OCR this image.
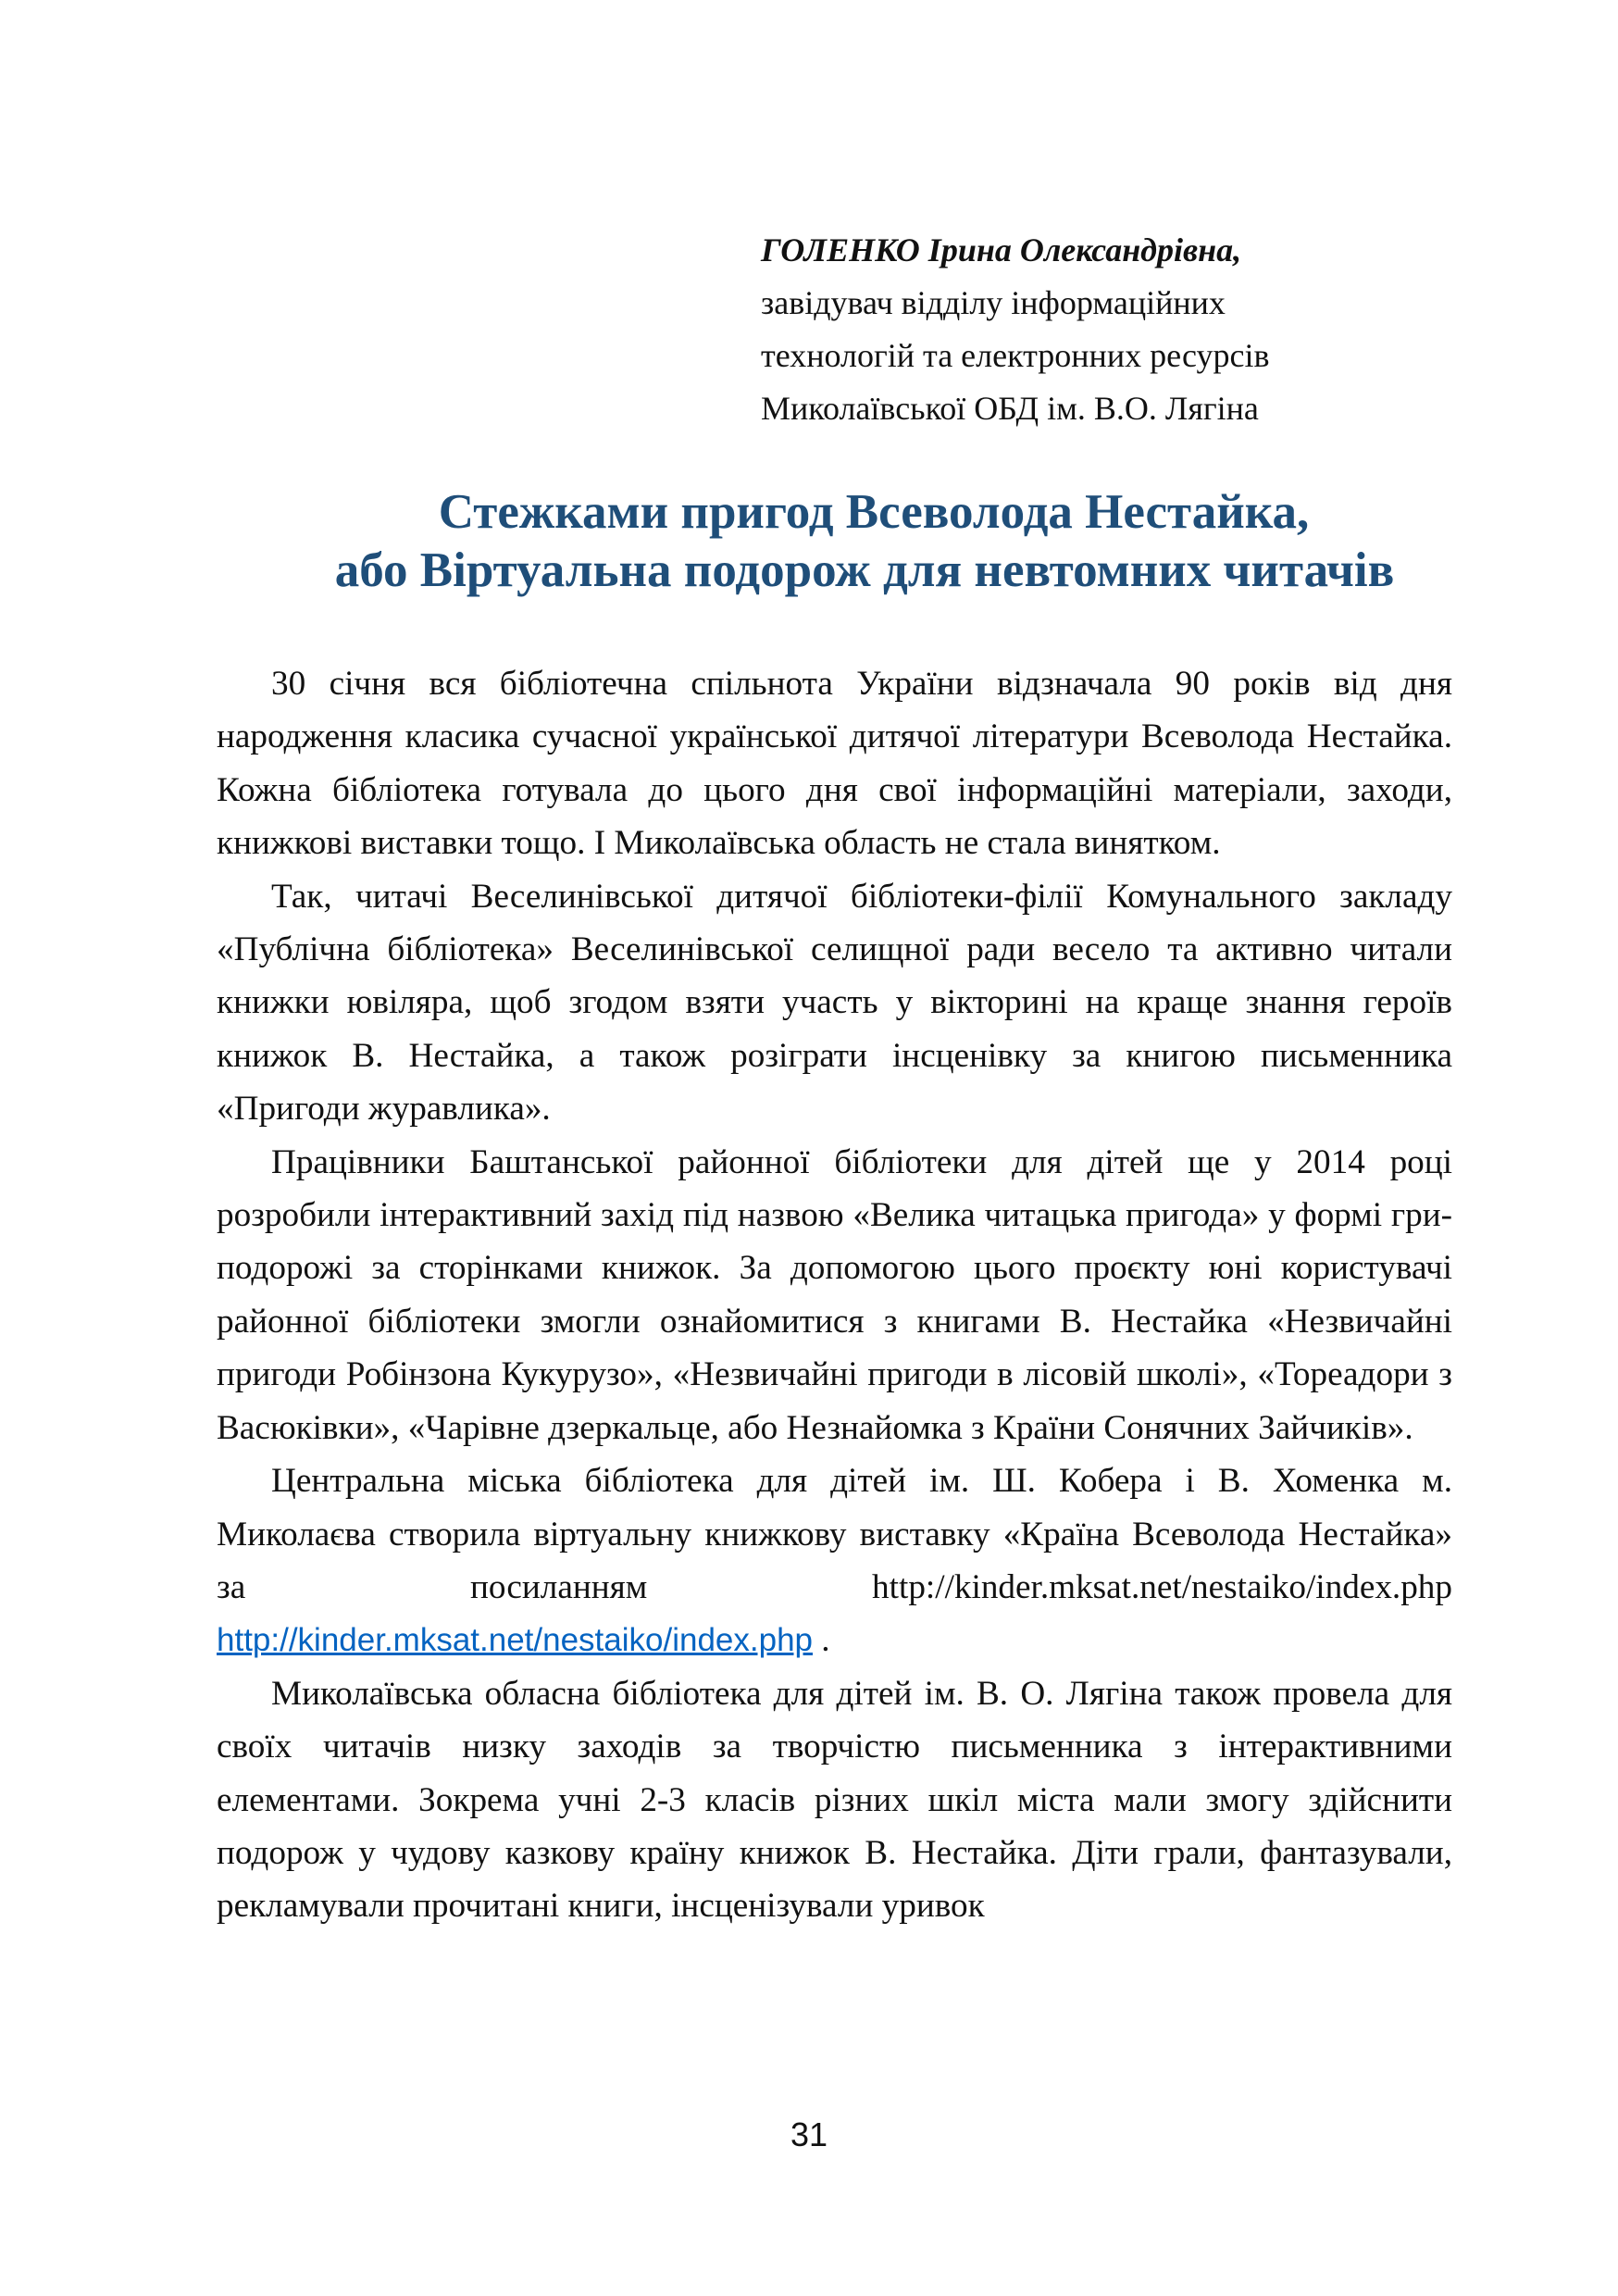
ГОЛЕНКО Ірина Олександрівна,
завідувач відділу інформаційних
технологій та електронних ресурсів
Миколаївської ОБД ім. В.О. Лягіна
Стежками пригод Всеволода Нестайка,
або Віртуальна подорож для невтомних читачів

30 січня вся бібліотечна спільнота України відзначала 90 років від дня народження класика сучасної української дитячої літератури Всеволода Нестайка. Кожна бібліотека готувала до цього дня свої інформаційні матеріали, заходи, книжкові виставки тощо. І Миколаївська область не стала винятком.

Так, читачі Веселинівської дитячої бібліотеки-філії Комунального закладу «Публічна бібліотека» Веселинівської селищної ради весело та активно читали книжки ювіляра, щоб згодом взяти участь у вікторині на краще знання героїв книжок В. Нестайка, а також розіграти інсценівку за книгою письменника «Пригоди журавлика».

Працівники Баштанської районної бібліотеки для дітей ще у 2014 році розробили інтерактивний захід під назвою «Велика читацька пригода» у формі гри-подорожі за сторінками книжок. За допомогою цього проєкту юні користувачі районної бібліотеки змогли ознайомитися з книгами В. Нестайка «Незвичайні пригоди Робінзона Кукурузо», «Незвичайні пригоди в лісовій школі», «Тореадори з Васюківки», «Чарівне дзеркальце, або Незнайомка з Країни Сонячних Зайчиків».

Центральна міська бібліотека для дітей ім. Ш. Кобера і В. Хоменка м. Миколаєва створила віртуальну книжкову виставку «Країна Всеволода Нестайка» за посиланням http://kinder.mksat.net/nestaiko/index.php http://kinder.mksat.net/nestaiko/index.php .

Миколаївська обласна бібліотека для дітей ім. В. О. Лягіна також провела для своїх читачів низку заходів за творчістю письменника з інтерактивними елементами. Зокрема учні 2-3 класів різних шкіл міста мали змогу здійснити подорож у чудову казкову країну книжок В. Нестайка. Діти грали, фантазували, рекламували прочитані книги, інсценізували уривок

31
